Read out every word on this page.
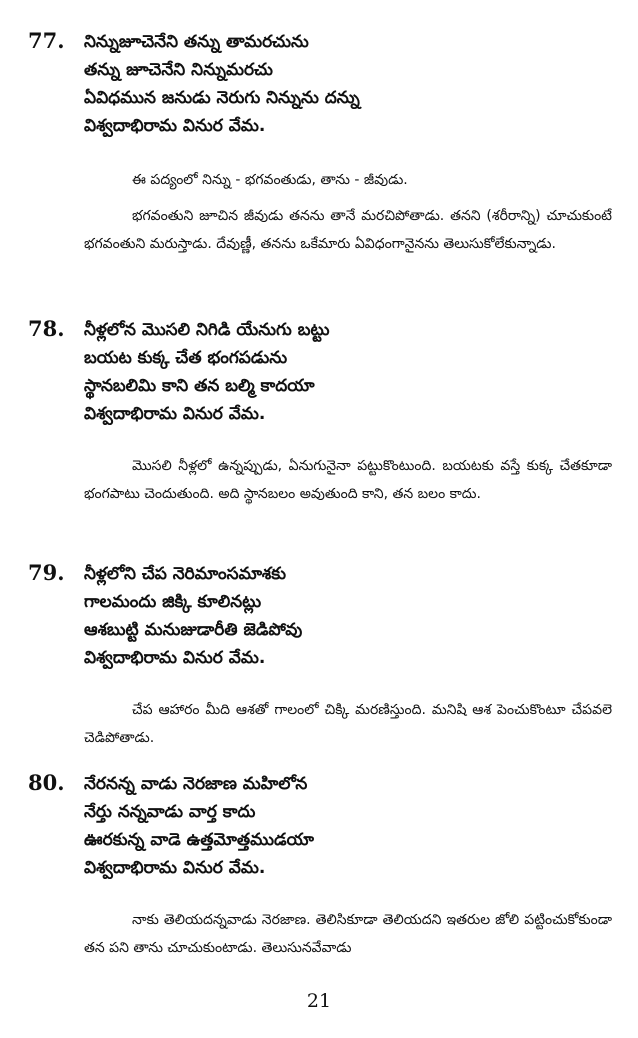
77. నిన్నుజూచెనేని తన్ను తామరచును
తన్ను జూచెనేని నిన్నుమరచు
ఏవిధమున జనుడు నెరుగు నిన్నును దన్ను
విశ్వదాభిరామ వినుర వేమ.

ఈ పద్యంలో నిన్ను - భగవంతుడు, తాను - జీవుడు.

భగవంతుని జూచిన జీవుడు తనను తానే మరచిపోతాడు. తనని (శరీరాన్ని) చూచుకుంటే భగవంతుని మరుస్తాడు. దేవుణ్ణీ, తనను ఒకేమారు ఏవిధంగానైనను తెలుసుకోలేకున్నాడు.

78. నీళ్లలోన మొసలి నిగిడి యేనుగు బట్టు
బయట కుక్క చేత భంగపడును
స్థానబలిమి కాని తన బల్మి కాదయా
విశ్వదాభిరామ వినుర వేమ.

మొసలి నీళ్లలో ఉన్నప్పుడు, ఏనుగునైనా పట్టుకొంటుంది. బయటకు వస్తే కుక్క చేతకూడా భంగపాటు చెందుతుంది. అది స్థానబలం అవుతుంది కాని, తన బలం కాదు.

79. నీళ్లలోని చేప నెరిమాంసమాశకు
గాలమందు జిక్కి కూలినట్లు
ఆశబుట్టి మనుజుడారీతి జెడిపోవు
విశ్వదాభిరామ వినుర వేమ.

చేప ఆహారం మీది ఆశతో గాలంలో చిక్కి మరణిస్తుంది. మనిషి ఆశ పెంచుకొంటూ చేపవలె చెడిపోతాడు.

80. నేరనన్న వాడు నెరజాణ మహిలోన
నేర్తు నన్నవాడు వార్త కాదు
ఊరకున్న వాడె ఉత్తమోత్తముడయా
విశ్వదాభిరామ వినుర వేమ.

నాకు తెలియదన్నవాడు నెరజాణ. తెలిసికూడా తెలియదని ఇతరుల జోలి పట్టించుకోకుండా తన పని తాను చూచుకుంటాడు. తెలుసునవేవాడు

21
